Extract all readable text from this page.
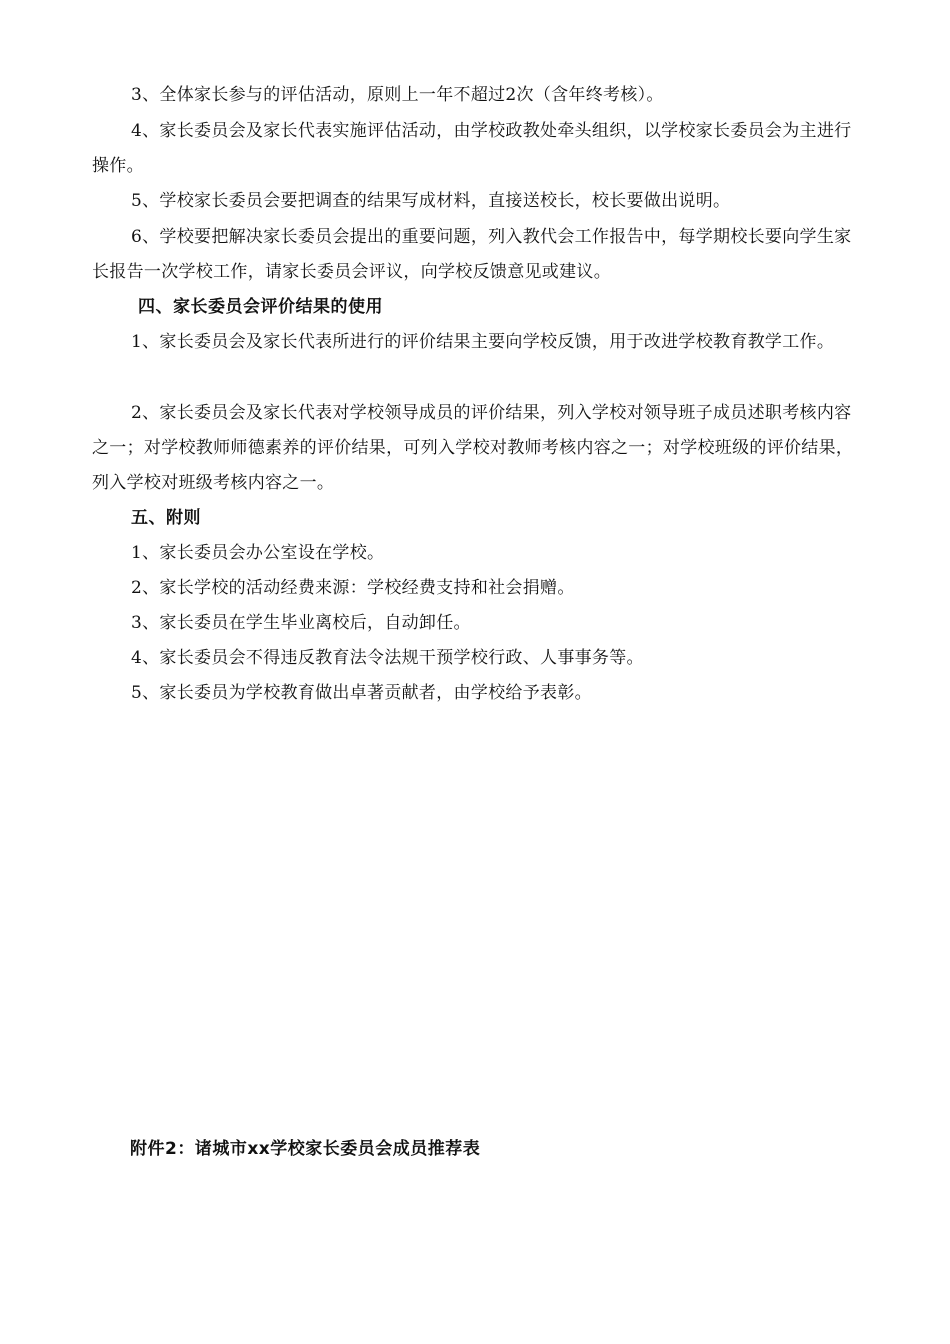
3、全体家长参与的评估活动，原则上一年不超过2次（含年终考核）。
4、家长委员会及家长代表实施评估活动，由学校政教处牵头组织，以学校家长委员会为主进行操作。
5、学校家长委员会要把调查的结果写成材料，直接送校长，校长要做出说明。
6、学校要把解决家长委员会提出的重要问题，列入教代会工作报告中，每学期校长要向学生家长报告一次学校工作，请家长委员会评议，向学校反馈意见或建议。
四、家长委员会评价结果的使用
1、家长委员会及家长代表所进行的评价结果主要向学校反馈，用于改进学校教育教学工作。
2、家长委员会及家长代表对学校领导成员的评价结果，列入学校对领导班子成员述职考核内容之一；对学校教师师德素养的评价结果，可列入学校对教师考核内容之一；对学校班级的评价结果，列入学校对班级考核内容之一。
五、附则
1、家长委员会办公室设在学校。
2、家长学校的活动经费来源：学校经费支持和社会捐赠。
3、家长委员在学生毕业离校后，自动卸任。
4、家长委员会不得违反教育法令法规干预学校行政、人事事务等。
5、家长委员为学校教育做出卓著贡献者，由学校给予表彰。
附件2：诸城市xx学校家长委员会成员推荐表
